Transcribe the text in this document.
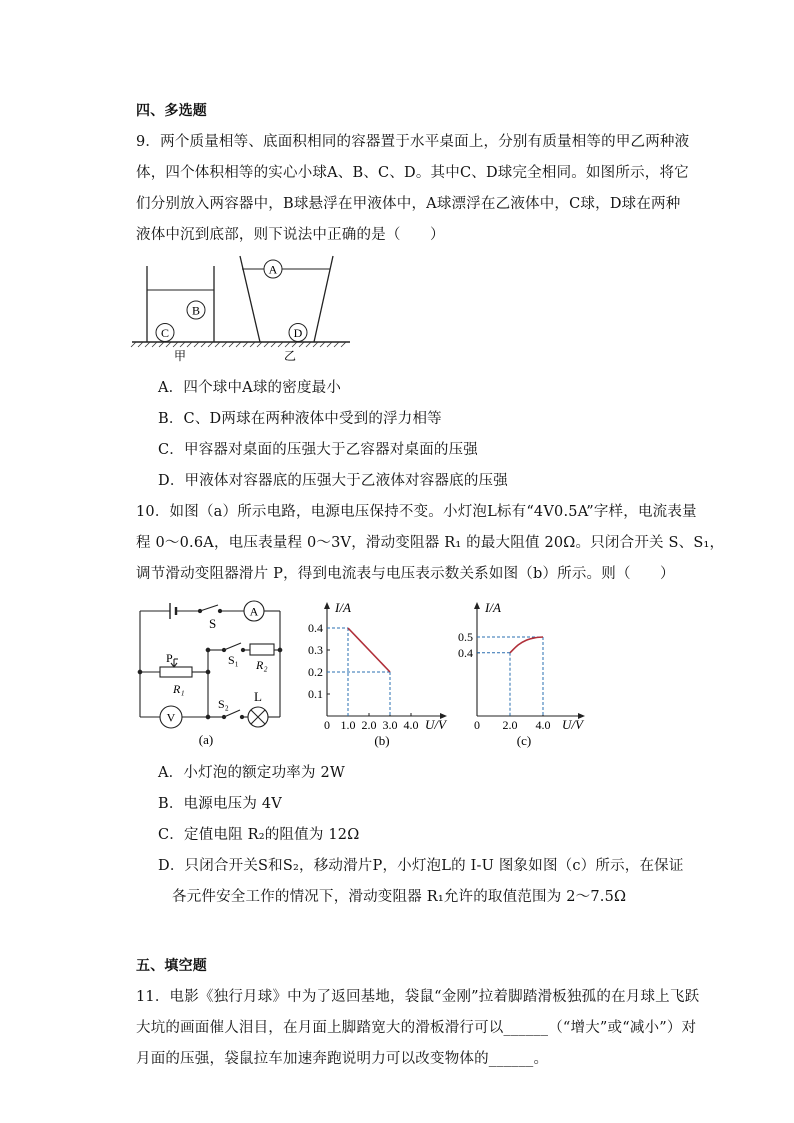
四、多选题
9．两个质量相等、底面积相同的容器置于水平桌面上，分别有质量相等的甲乙两种液
体，四个体积相等的实心小球A、B、C、D。其中C、D球完全相同。如图所示，将它
们分别放入两容器中，B球悬浮在甲液体中，A球漂浮在乙液体中，C球，D球在两种
液体中沉到底部，则下说法中正确的是（　　）
B
C
甲
A
D
乙
A．四个球中A球的密度最小
B．C、D两球在两种液体中受到的浮力相等
C．甲容器对桌面的压强大于乙容器对桌面的压强
D．甲液体对容器底的压强大于乙液体对容器底的压强
10．如图（a）所示电路，电源电压保持不变。小灯泡L标有“4V0.5A”字样，电流表量
程 0～0.6A，电压表量程 0～3V，滑动变阻器 R₁ 的最大阻值 20Ω。只闭合开关 S、S₁，
调节滑动变阻器滑片 P，得到电流表与电压表示数关系如图（b）所示。则（　　）
A
V
S
S₁ R₂
P
R₁
S₂ L
(a)
0.1
0.2
0.3
0.4
1.0 2.0 3.0 4.0
I/A
U/V
0
(b)
0.4
0.5
2.0 4.0
I/A
U/V
0
(c)
A．小灯泡的额定功率为 2W
B．电源电压为 4V
C．定值电阻 R₂的阻值为 12Ω
D．只闭合开关S和S₂，移动滑片P，小灯泡L的 I-U 图象如图（c）所示，在保证
各元件安全工作的情况下，滑动变阻器 R₁允许的取值范围为 2～7.5Ω
五、填空题
11．电影《独行月球》中为了返回基地，袋鼠“金刚”拉着脚踏滑板独孤的在月球上飞跃
大坑的画面催人泪目，在月面上脚踏宽大的滑板滑行可以______（“增大”或“减小”）对
月面的压强，袋鼠拉车加速奔跑说明力可以改变物体的______。
